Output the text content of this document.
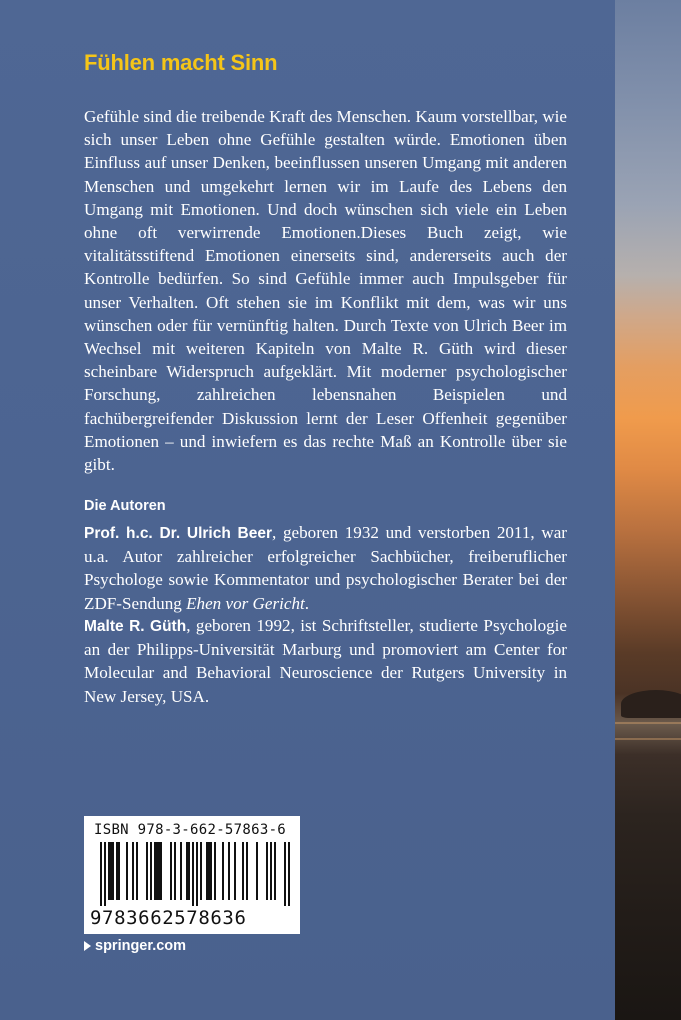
Fühlen macht Sinn

Gefühle sind die treibende Kraft des Menschen. Kaum vorstellbar, wie sich unser Leben ohne Gefühle gestalten würde. Emotionen üben Einfluss auf unser Denken, beeinflussen unseren Umgang mit anderen Menschen und umgekehrt lernen wir im Laufe des Lebens den Umgang mit Emotionen. Und doch wünschen sich viele ein Leben ohne oft verwirrende Emotionen.Dieses Buch zeigt, wie vitalitätsstiftend Emotionen einerseits sind, andererseits auch der Kontrolle bedürfen. So sind Gefühle immer auch Impulsgeber für unser Verhalten. Oft stehen sie im Konflikt mit dem, was wir uns wünschen oder für vernünftig halten. Durch Texte von Ulrich Beer im Wechsel mit weiteren Kapiteln von Malte R. Güth wird dieser scheinbare Widerspruch aufgeklärt. Mit moderner psychologischer Forschung, zahlreichen lebensnahen Beispielen und fachübergreifender Diskussion lernt der Leser Offenheit gegenüber Emotionen – und inwiefern es das rechte Maß an Kontrolle über sie gibt.

Die Autoren

Prof. h.c. Dr. Ulrich Beer, geboren 1932 und verstorben 2011, war u.a. Autor zahlreicher erfolgreicher Sachbücher, freiberuflicher Psychologe sowie Kommentator und psychologischer Berater bei der ZDF-Sendung Ehen vor Gericht.

Malte R. Güth, geboren 1992, ist Schriftsteller, studierte Psychologie an der Philipps-Universität Marburg und promoviert am Center for Molecular and Behavioral Neuroscience der Rutgers University in New Jersey, USA.

ISBN 978-3-662-57863-6

9783662578636

springer.com
